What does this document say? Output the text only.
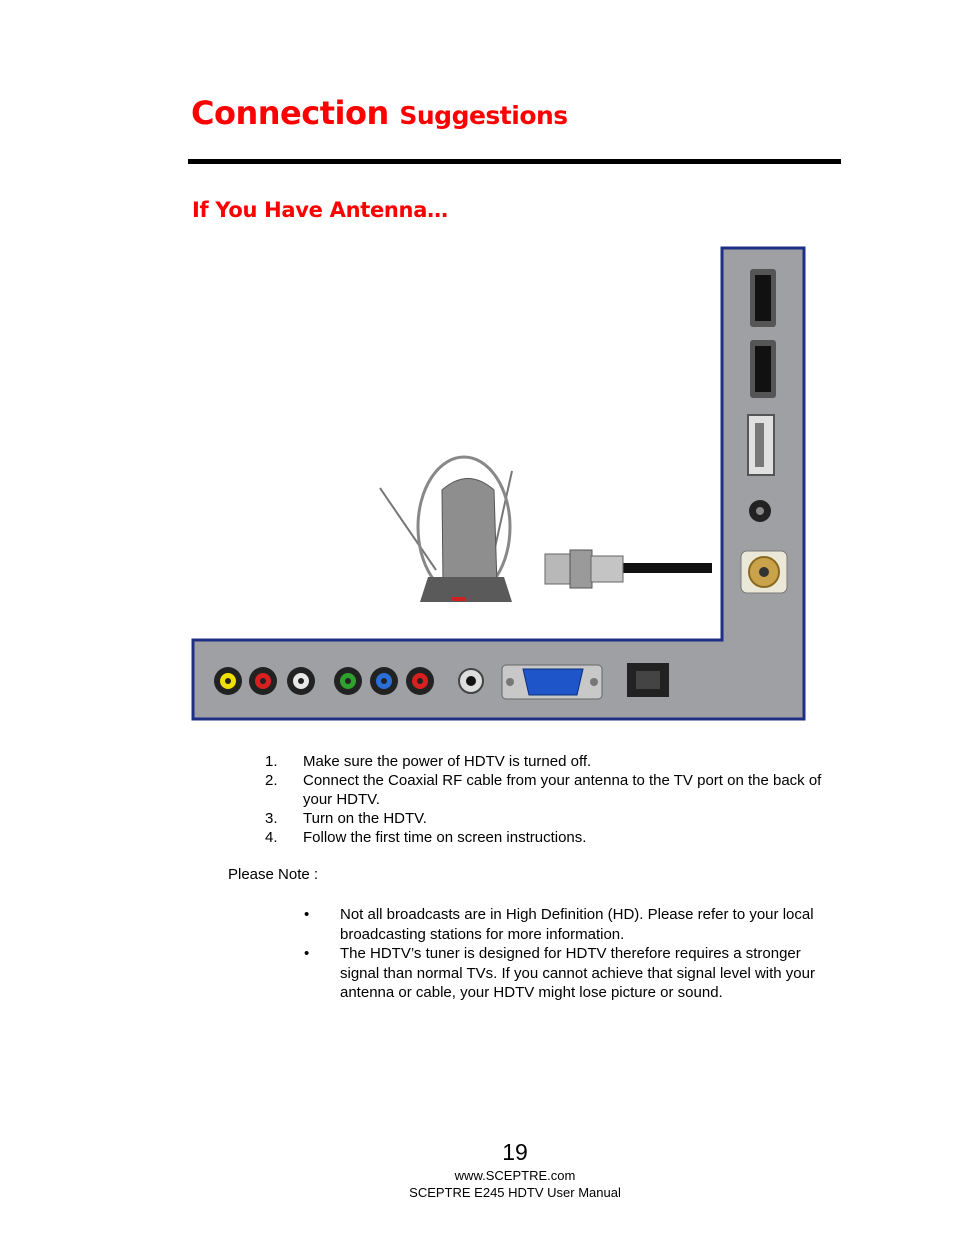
Connection Suggestions
If You Have Antenna…
1. Make sure the power of HDTV is turned off.
2. Connect the Coaxial RF cable from your antenna to the TV port on the back of your HDTV.
3. Turn on the HDTV.
4. Follow the first time on screen instructions.
Please Note :
• Not all broadcasts are in High Definition (HD). Please refer to your local broadcasting stations for more information.
• The HDTV’s tuner is designed for HDTV therefore requires a stronger signal than normal TVs. If you cannot achieve that signal level with your antenna or cable, your HDTV might lose picture or sound.
19
www.SCEPTRE.com
SCEPTRE E245 HDTV User Manual
